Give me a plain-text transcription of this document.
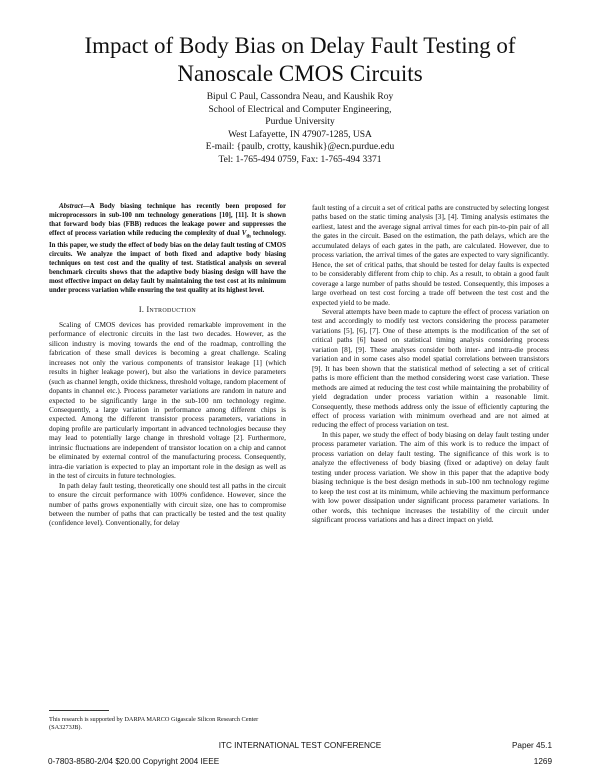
Impact of Body Bias on Delay Fault Testing of
Nanoscale CMOS Circuits
Bipul C Paul, Cassondra Neau, and Kaushik Roy
School of Electrical and Computer Engineering,
Purdue University
West Lafayette, IN 47907-1285, USA
E-mail: {paulb, crotty, kaushik}@ecn.purdue.edu
Tel: 1-765-494 0759, Fax: 1-765-494 3371

Abstract—A Body biasing technique has recently been proposed for microprocessors in sub-100 nm technology generations [10], [11]. It is shown that forward body bias (FBB) reduces the leakage power and suppresses the effect of process variation while reducing the complexity of dual $V_{th}$ technology. In this paper, we study the effect of body bias on the delay fault testing of CMOS circuits. We analyze the impact of both fixed and adaptive body biasing techniques on test cost and the quality of test. Statistical analysis on several benchmark circuits shows that the adaptive body biasing design will have the most effective impact on delay fault by maintaining the test cost at its minimum under process variation while ensuring the test quality at its highest level.

I. Introduction

Scaling of CMOS devices has provided remarkable improvement in the performance of electronic circuits in the last two decades. However, as the silicon industry is moving towards the end of the roadmap, controlling the fabrication of these small devices is becoming a great challenge. Scaling increases not only the various components of transistor leakage [1] (which results in higher leakage power), but also the variations in device parameters (such as channel length, oxide thickness, threshold voltage, random placement of dopants in channel etc.). Process parameter variations are random in nature and expected to be significantly large in the sub-100 nm technology regime. Consequently, a large variation in performance among different chips is expected. Among the different transistor process parameters, variations in doping profile are particularly important in advanced technologies because they may lead to potentially large change in threshold voltage [2]. Furthermore, intrinsic fluctuations are independent of transistor location on a chip and cannot be eliminated by external control of the manufacturing process. Consequently, intra-die variation is expected to play an important role in the design as well as in the test of circuits in future technologies.

In path delay fault testing, theoretically one should test all paths in the circuit to ensure the circuit performance with 100% confidence. However, since the number of paths grows exponentially with circuit size, one has to compromise between the number of paths that can practically be tested and the test quality (confidence level). Conventionally, for delay

This research is supported by DARPA MARCO Gigascale Silicon Research Center (SA3273JB).

fault testing of a circuit a set of critical paths are constructed by selecting longest paths based on the static timing analysis [3], [4]. Timing analysis estimates the earliest, latest and the average signal arrival times for each pin-to-pin pair of all the gates in the circuit. Based on the estimation, the path delays, which are the accumulated delays of each gates in the path, are calculated. However, due to process variation, the arrival times of the gates are expected to vary significantly. Hence, the set of critical paths, that should be tested for delay faults is expected to be considerably different from chip to chip. As a result, to obtain a good fault coverage a large number of paths should be tested. Consequently, this imposes a large overhead on test cost forcing a trade off between the test cost and the expected yield to be made.

Several attempts have been made to capture the effect of process variation on test and accordingly to modify test vectors considering the process parameter variations [5], [6], [7]. One of these attempts is the modification of the set of critical paths [6] based on statistical timing analysis considering process variation [8], [9]. These analyses consider both inter- and intra-die process variation and in some cases also model spatial correlations between transistors [9]. It has been shown that the statistical method of selecting a set of critical paths is more efficient than the method considering worst case variation. These methods are aimed at reducing the test cost while maintaining the probability of yield degradation under process variation within a reasonable limit. Consequently, these methods address only the issue of efficiently capturing the effect of process variation with minimum overhead and are not aimed at reducing the effect of process variation on test.

In this paper, we study the effect of body biasing on delay fault testing under process parameter variation. The aim of this work is to reduce the impact of process variation on delay fault testing. The significance of this work is to analyze the effectiveness of body biasing (fixed or adaptive) on delay fault testing under process variation. We show in this paper that the adaptive body biasing technique is the best design methods in sub-100 nm technology regime to keep the test cost at its minimum, while achieving the maximum performance with low power dissipation under significant process parameter variations. In other words, this technique increases the testability of the circuit under significant process variations and has a direct impact on yield.

ITC INTERNATIONAL TEST CONFERENCE	Paper 45.1
0-7803-8580-2/04 $20.00 Copyright 2004 IEEE	1269
